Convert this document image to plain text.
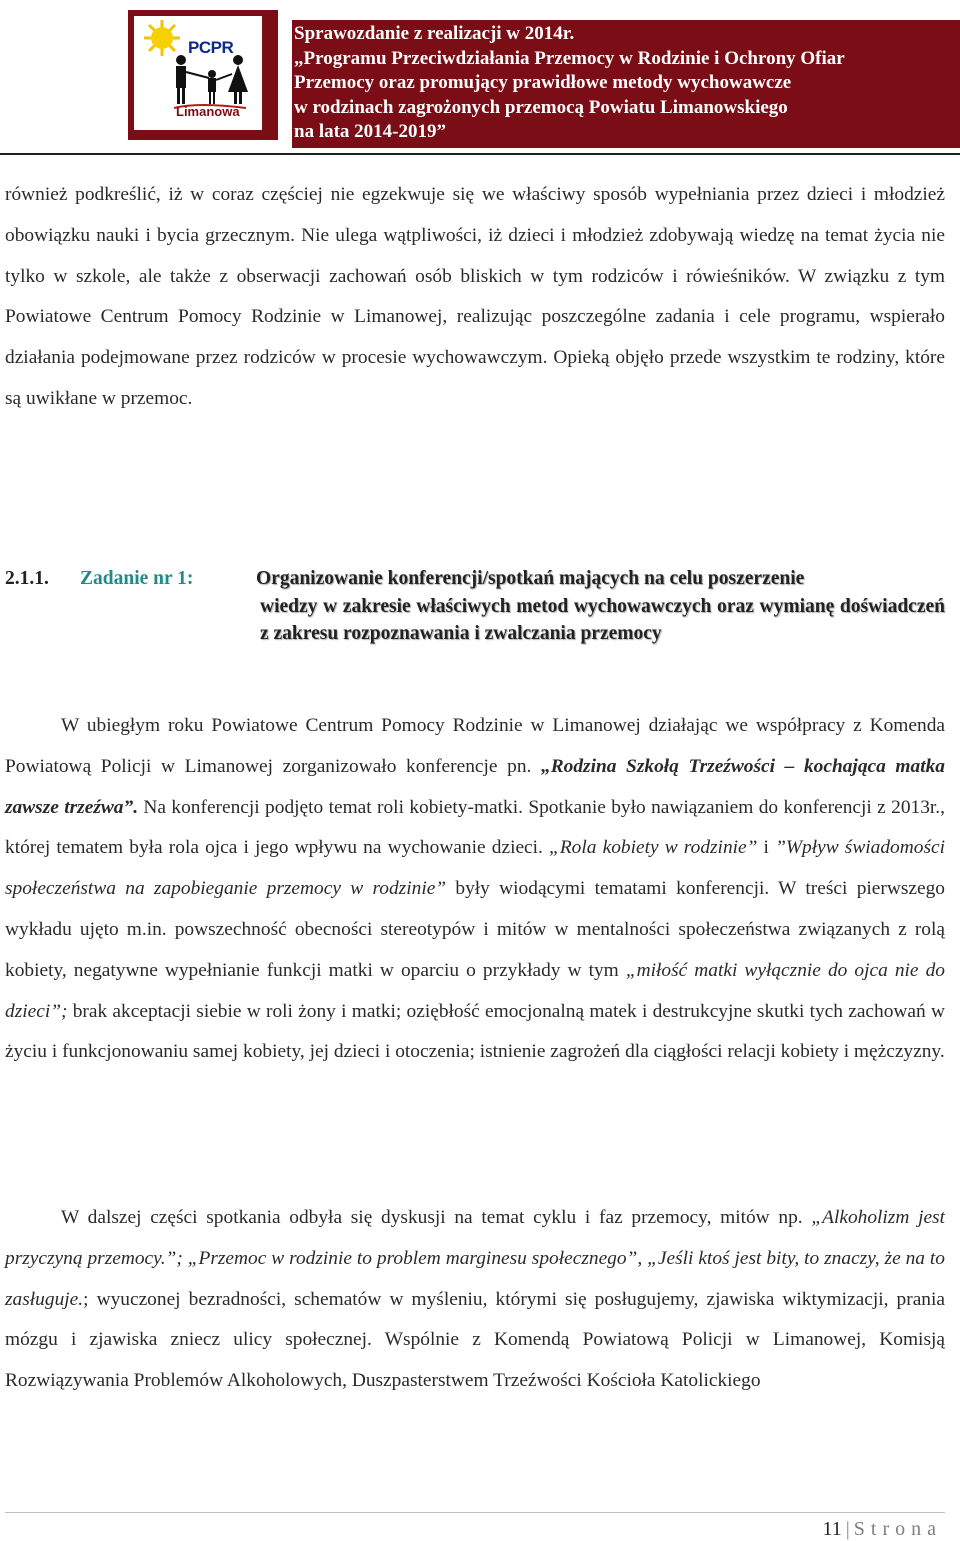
PCPR
Limanowa
Sprawozdanie z realizacji w 2014r.
„Programu Przeciwdziałania Przemocy w Rodzinie i Ochrony Ofiar
Przemocy oraz promujący prawidłowe metody wychowawcze
w rodzinach zagrożonych przemocą Powiatu Limanowskiego
na lata 2014-2019”
również podkreślić, iż w coraz częściej nie egzekwuje się we właściwy sposób wypełniania przez dzieci i młodzież obowiązku nauki i bycia grzecznym. Nie ulega wątpliwości, iż dzieci i młodzież zdobywają wiedzę na temat życia nie tylko w szkole, ale także z obserwacji zachowań osób bliskich w tym rodziców i rówieśników. W związku z tym Powiatowe Centrum Pomocy Rodzinie w Limanowej, realizując poszczególne zadania i cele programu, wspierało działania podejmowane przez rodziców w procesie wychowawczym. Opieką objęło przede wszystkim te rodziny, które są uwikłane w przemoc.
2.1.1. Zadanie nr 1:	Organizowanie konferencji/spotkań mających na celu poszerzenie
wiedzy w zakresie właściwych metod wychowawczych oraz wymianę doświadczeń z zakresu rozpoznawania i zwalczania przemocy
W ubiegłym roku Powiatowe Centrum Pomocy Rodzinie w Limanowej działając we współpracy z Komenda Powiatową Policji w Limanowej zorganizowało konferencje pn. „Rodzina Szkołą Trzeźwości – kochająca matka zawsze trzeźwa”. Na konferencji podjęto temat roli kobiety-matki. Spotkanie było nawiązaniem do konferencji z 2013r., której tematem była rola ojca i jego wpływu na wychowanie dzieci. „Rola kobiety w rodzinie” i ”Wpływ świadomości społeczeństwa na zapobieganie przemocy w rodzinie” były wiodącymi tematami konferencji. W treści pierwszego wykładu ujęto m.in. powszechność obecności stereotypów i mitów w mentalności społeczeństwa związanych z rolą kobiety, negatywne wypełnianie funkcji matki w oparciu o przykłady w tym „miłość matki wyłącznie do ojca nie do dzieci”; brak akceptacji siebie w roli żony i matki; oziębłość emocjonalną matek i destrukcyjne skutki tych zachowań w życiu i funkcjonowaniu samej kobiety, jej dzieci i otoczenia; istnienie zagrożeń dla ciągłości relacji kobiety i mężczyzny.
W dalszej części spotkania odbyła się dyskusji na temat cyklu i faz przemocy, mitów np. „Alkoholizm jest przyczyną przemocy.”; „Przemoc w rodzinie to problem marginesu społecznego”, „Jeśli ktoś jest bity, to znaczy, że na to zasługuje.; wyuczonej bezradności, schematów w myśleniu, którymi się posługujemy, zjawiska wiktymizacji, prania mózgu i zjawiska zniecz ulicy społecznej. Wspólnie z Komendą Powiatową Policji w Limanowej, Komisją Rozwiązywania Problemów Alkoholowych, Duszpasterstwem Trzeźwości Kościoła Katolickiego
11 | Strona
